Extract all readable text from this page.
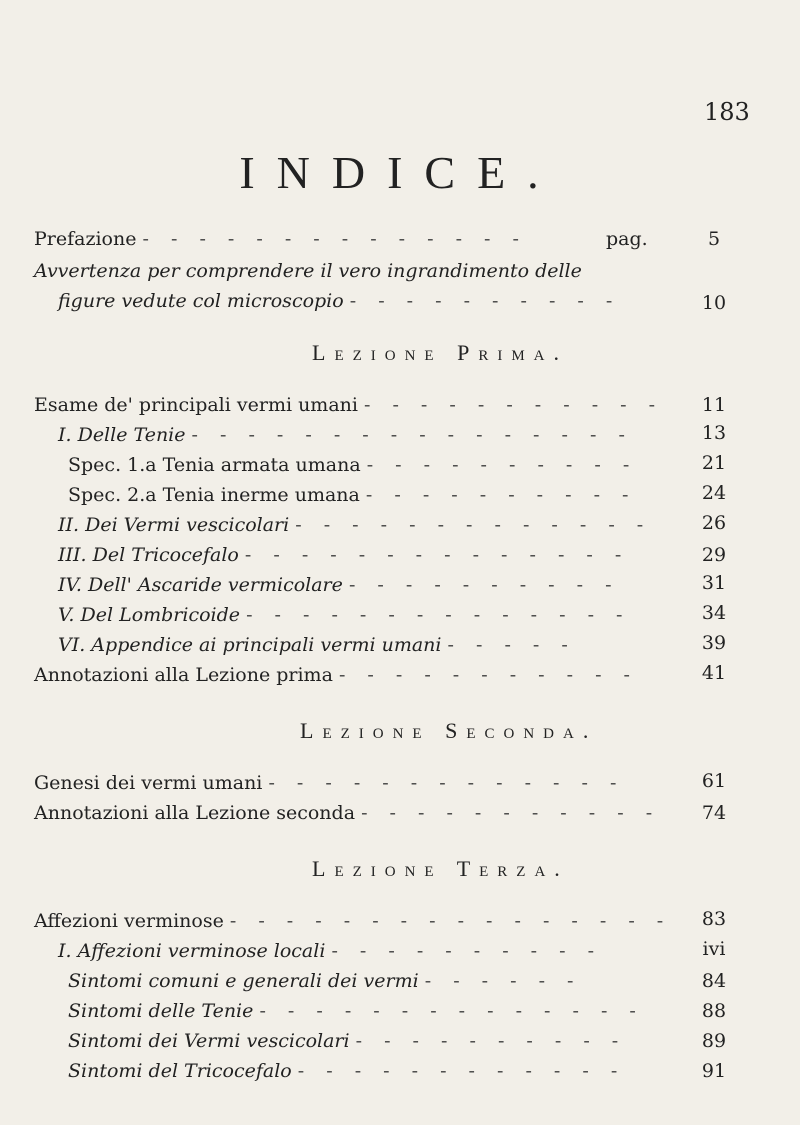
183
INDICE.
pag.
Prefazione - - - - - - - - - - - - - -	5
Avvertenza per comprendere il vero ingrandimento delle
figure vedute col microscopio - - - - - - - - - -	10
Lezione Prima.
Esame de' principali vermi umani - - - - - - - - - - -	11
I. Delle Tenie - - - - - - - - - - - - - - - -	13
Spec. 1.a Tenia armata umana - - - - - - - - - -	21
Spec. 2.a Tenia inerme umana - - - - - - - - - -	24
II. Dei Vermi vescicolari - - - - - - - - - - - - -	26
III. Del Tricocefalo - - - - - - - - - - - - - -	29
IV. Dell' Ascaride vermicolare - - - - - - - - - -	31
V. Del Lombricoide - - - - - - - - - - - - - -	34
VI. Appendice ai principali vermi umani - - - - -	39
Annotazioni alla Lezione prima - - - - - - - - - - -	41
Lezione Seconda.
Genesi dei vermi umani - - - - - - - - - - - - -	61
Annotazioni alla Lezione seconda - - - - - - - - - - -	74
Lezione Terza.
Affezioni verminose - - - - - - - - - - - - - - - -	83
I. Affezioni verminose locali - - - - - - - - - -	ivi
Sintomi comuni e generali dei vermi - - - - - -	84
Sintomi delle Tenie - - - - - - - - - - - - - -	88
Sintomi dei Vermi vescicolari - - - - - - - - - -	89
Sintomi del Tricocefalo - - - - - - - - - - - -	91
